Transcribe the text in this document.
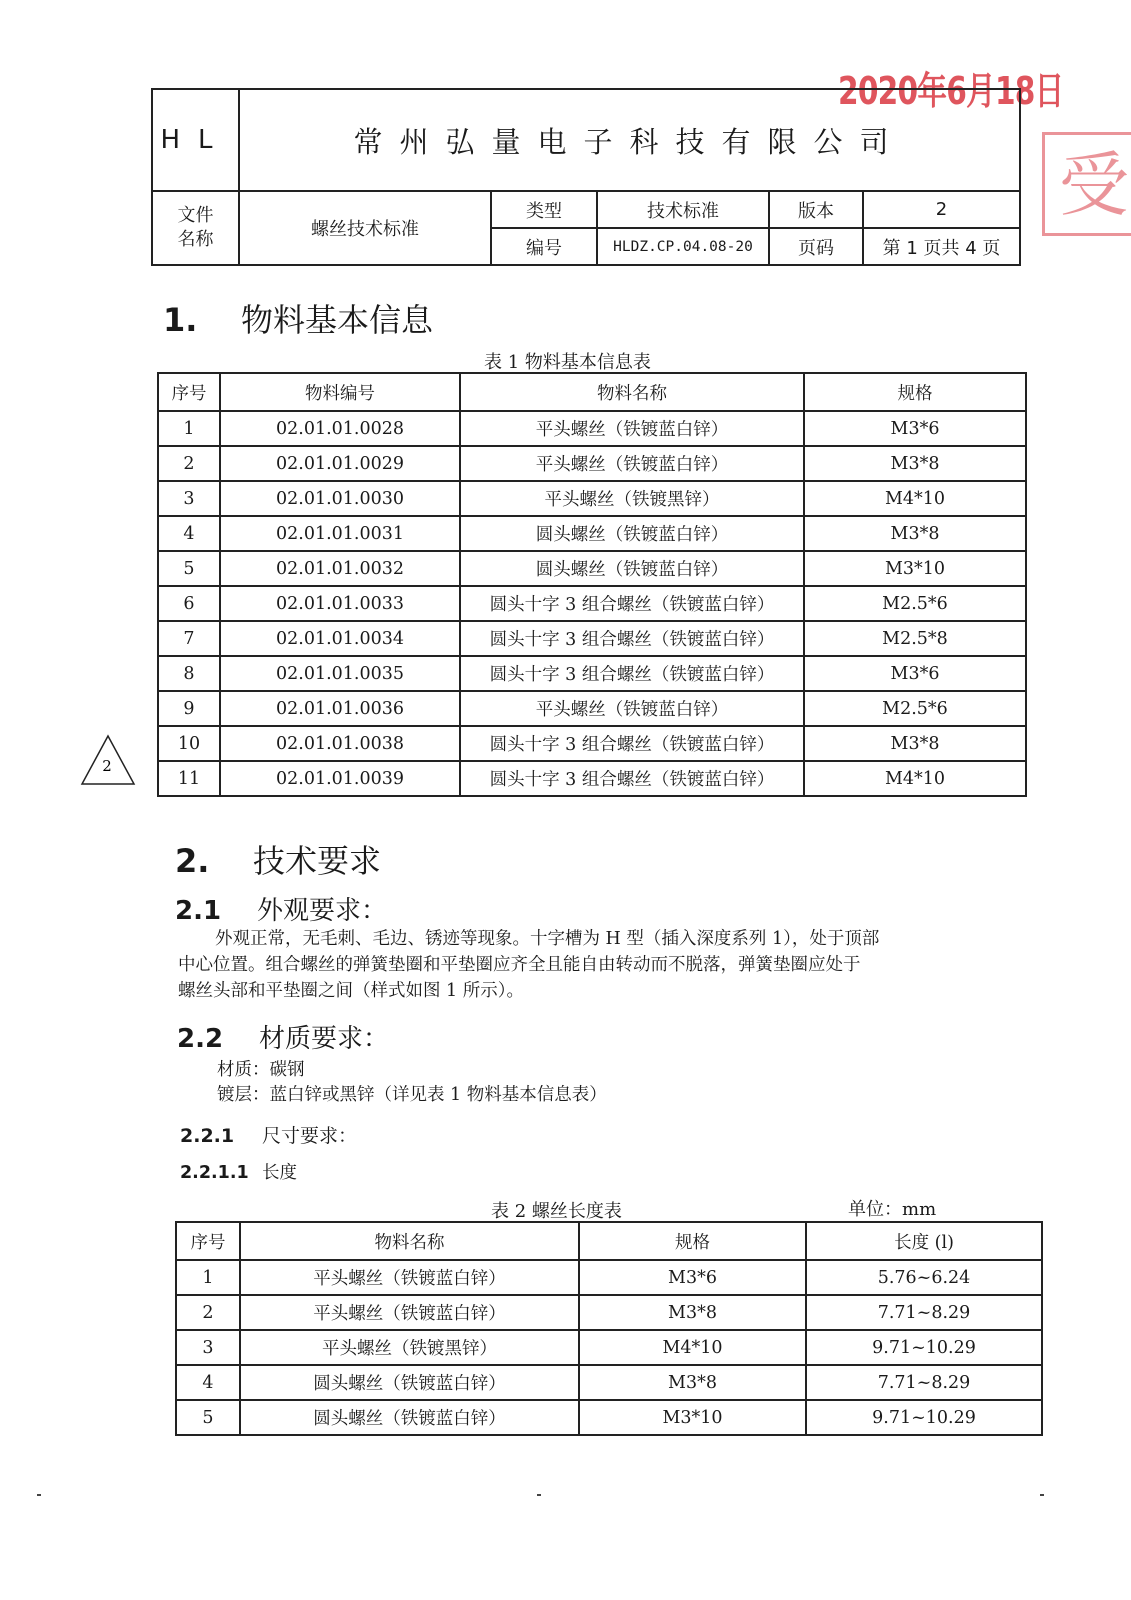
2020年6月18日
受
HL	常州弘量电子科技有限公司				
文件
名称	螺丝技术标准	类型	技术标准	版本	2
		编号	HLDZ.CP.04.08-20	页码	第 1 页共 4 页
1. 物料基本信息
表 1 物料基本信息表
序号	物料编号	物料名称	规格
1	02.01.01.0028	平头螺丝（铁镀蓝白锌）	M3*6
2	02.01.01.0029	平头螺丝（铁镀蓝白锌）	M3*8
3	02.01.01.0030	平头螺丝（铁镀黑锌）	M4*10
4	02.01.01.0031	圆头螺丝（铁镀蓝白锌）	M3*8
5	02.01.01.0032	圆头螺丝（铁镀蓝白锌）	M3*10
6	02.01.01.0033	圆头十字 3 组合螺丝（铁镀蓝白锌）	M2.5*6
7	02.01.01.0034	圆头十字 3 组合螺丝（铁镀蓝白锌）	M2.5*8
8	02.01.01.0035	圆头十字 3 组合螺丝（铁镀蓝白锌）	M3*6
9	02.01.01.0036	平头螺丝（铁镀蓝白锌）	M2.5*6
10	02.01.01.0038	圆头十字 3 组合螺丝（铁镀蓝白锌）	M3*8
11	02.01.01.0039	圆头十字 3 组合螺丝（铁镀蓝白锌）	M4*10
2
2. 技术要求
2.1 外观要求：
外观正常，无毛刺、毛边、锈迹等现象。十字槽为 H 型（插入深度系列 1），处于顶部
中心位置。组合螺丝的弹簧垫圈和平垫圈应齐全且能自由转动而不脱落，弹簧垫圈应处于
螺丝头部和平垫圈之间（样式如图 1 所示）。
2.2 材质要求：
材质：碳钢
镀层：蓝白锌或黑锌（详见表 1 物料基本信息表）
2.2.1 尺寸要求：
2.2.1.1 长度
表 2 螺丝长度表	单位：mm
序号	物料名称	规格	长度 (l)
1	平头螺丝（铁镀蓝白锌）	M3*6	5.76~6.24
2	平头螺丝（铁镀蓝白锌）	M3*8	7.71~8.29
3	平头螺丝（铁镀黑锌）	M4*10	9.71~10.29
4	圆头螺丝（铁镀蓝白锌）	M3*8	7.71~8.29
5	圆头螺丝（铁镀蓝白锌）	M3*10	9.71~10.29
